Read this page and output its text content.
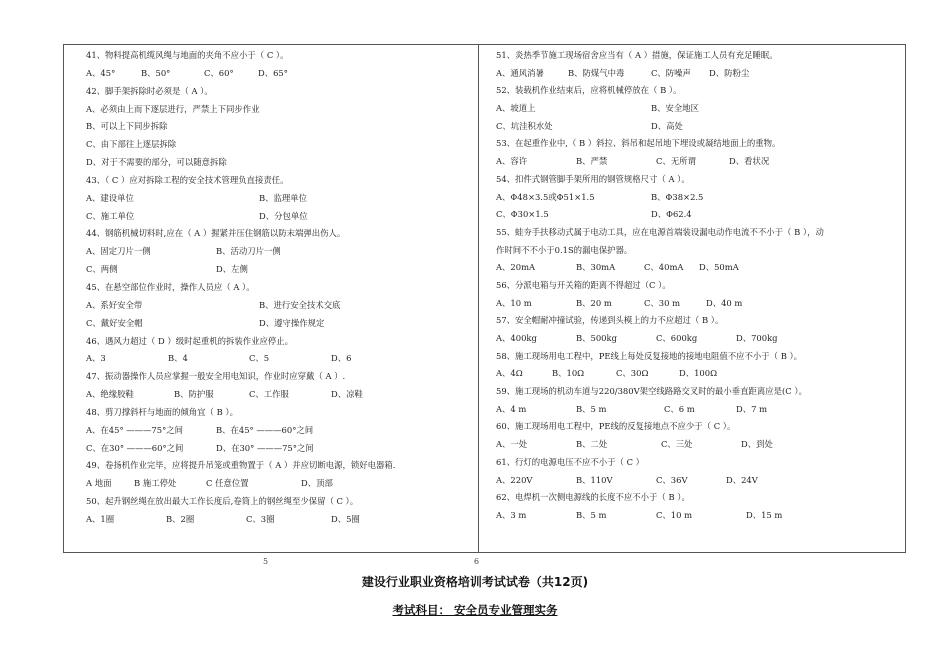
41、物料提高机缆风绳与地面的夹角不应小于（ C ）。
A、45°	B、50°	C、60°	D、65°
42、脚手架拆除时必须是（ A ）。
A、必须由上而下逐层进行，严禁上下同步作业
B、可以上下同步拆除
C、由下部往上逐层拆除
D、对于不需要的部分，可以随意拆除
43、（ C ）应对拆除工程的安全技术管理负直接责任。
A、建设单位	B、监理单位
C、施工单位	D、分包单位
44、钢筋机械切料时,应在（ A ）握紧并压住钢筋以防末端弹出伤人。
A、固定刀片一侧	B、活动刀片一侧
C、两侧	D、左侧
45、在悬空部位作业时，操作人员应（ A ）。
A、系好安全带	B、进行安全技术交底
C、戴好安全帽	D、遵守操作规定
46、遇风力超过（ D ）级时起重机的拆装作业应停止。
A、3	B、4	C、5	D、6
47、振动器操作人员应掌握一般安全用电知识，作业时应穿戴（ A ）.
A、绝缘胶鞋	B、防护服	C、工作服	D、凉鞋
48、剪刀撑斜杆与地面的倾角宜（ B ）。
A、在45° ———75°之间	B、在45° ———60°之间
C、在30° ———60°之间	D、在30° ———75°之间
49、卷扬机作业完毕，应将提升吊笼或重物置于（ A ）并应切断电源，锁好电器箱.
A 地面	B 施工停处	C 任意位置	D、顶部
50、起升钢丝绳在放出最大工作长度后,卷筒上的钢丝绳至少保留（ C ）。
A、1圈	B、2圈	C、3圈	D、5圈
51、炎热季节施工现场宿舍应当有（ A ）措施，保证施工人员有充足睡眠。
A、通风消暑	B、防煤气中毒	C、防噪声 D、防粉尘
52、装载机作业结束后，应将机械停放在（ B ）。
A、坡道上	B、安全地区
C、坑洼积水处	D、高处
53、在起重作业中,（ B ）斜拉、斜吊和起吊地下埋设或凝结地面上的重物。
A、容许	B、严禁	C、无所谓	D、看状况
54、扣件式钢管脚手架所用的钢管规格尺寸（ A ）。
A、Φ48×3.5或Φ51×1.5	B、Φ38×2.5
C、Φ30×1.5	D、Φ62.4
55、蛙夯手扶移动式属于电动工具，应在电源首端装设漏电动作电流不不小于（ B ），动
作时间不不小于0.1S的漏电保护器。
A、20mA	B、30mA	C、40mA D、50mA
56、分派电箱与开关箱的距离不得超过（C ）。
A、10 m	B、20 m	C、30 m	D、40 m
57、安全帽耐冲撞试验，传递到头模上的力不应超过（ B ）。
A、400kg	B、500kg	C、600kg	D、700kg
58、施工现场用电工程中，PE线上每处反复接地的接地电阻值不应不小于（ B ）。
A、4Ω	B、10Ω	C、30Ω	D、100Ω
59、施工现场的机动车道与220/380V架空线路路交叉时的最小垂直距离应是(C ）。
A、4 m	B、5 m	C、6 m	D、7 m
60、施工现场用电工程中，PE线的反复接地点不应少于（ C ）。
A、一处	B、二处	C、三处	D、到处
61、行灯的电源电压不应不小于（ C ）
A、220V	B、110V	C、36V	D、24V
62、电焊机一次侧电源线的长度不应不小于（ B ）。
A、3 m	B、5 m	C、10 m	D、15 m
5	6
建设行业职业资格培训考试试卷（共12页)
考试科目： 安全员专业管理实务
